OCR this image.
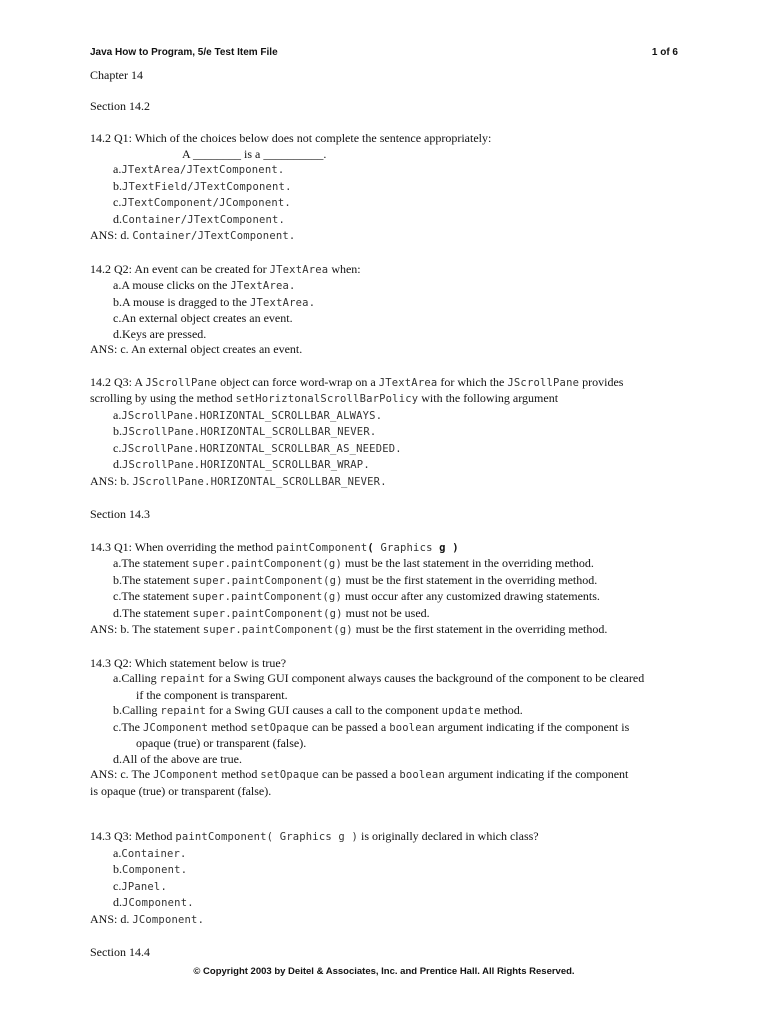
Java How to Program, 5/e Test Item File	1 of 6
Chapter 14
Section 14.2
14.2 Q1: Which of the choices below does not complete the sentence appropriately:
A ________ is a __________.
a.JTextArea/JTextComponent.
b.JTextField/JTextComponent.
c.JTextComponent/JComponent.
d.Container/JTextComponent.
ANS: d. Container/JTextComponent.
14.2 Q2: An event can be created for JTextArea when:
a.A mouse clicks on the JTextArea.
b.A mouse is dragged to the JTextArea.
c.An external object creates an event.
d.Keys are pressed.
ANS: c. An external object creates an event.
14.2 Q3: A JScrollPane object can force word-wrap on a JTextArea for which the JScrollPane provides
scrolling by using the method setHoriztonalScrollBarPolicy with the following argument
a.JScrollPane.HORIZONTAL_SCROLLBAR_ALWAYS.
b.JScrollPane.HORIZONTAL_SCROLLBAR_NEVER.
c.JScrollPane.HORIZONTAL_SCROLLBAR_AS_NEEDED.
d.JScrollPane.HORIZONTAL_SCROLLBAR_WRAP.
ANS: b. JScrollPane.HORIZONTAL_SCROLLBAR_NEVER.
Section 14.3
14.3 Q1: When overriding the method paintComponent( Graphics g )
a.The statement super.paintComponent(g) must be the last statement in the overriding method.
b.The statement super.paintComponent(g) must be the first statement in the overriding method.
c.The statement super.paintComponent(g) must occur after any customized drawing statements.
d.The statement super.paintComponent(g) must not be used.
ANS: b. The statement super.paintComponent(g) must be the first statement in the overriding method.
14.3 Q2: Which statement below is true?
a.Calling repaint for a Swing GUI component always causes the background of the component to be cleared
if the component is transparent.
b.Calling repaint for a Swing GUI causes a call to the component update method.
c.The JComponent method setOpaque can be passed a boolean argument indicating if the component is
opaque (true) or transparent (false).
d.All of the above are true.
ANS: c. The JComponent method setOpaque can be passed a boolean argument indicating if the component
is opaque (true) or transparent (false).
14.3 Q3: Method paintComponent( Graphics g ) is originally declared in which class?
a.Container.
b.Component.
c.JPanel.
d.JComponent.
ANS: d. JComponent.
Section 14.4
© Copyright 2003 by Deitel & Associates, Inc. and Prentice Hall. All Rights Reserved.
